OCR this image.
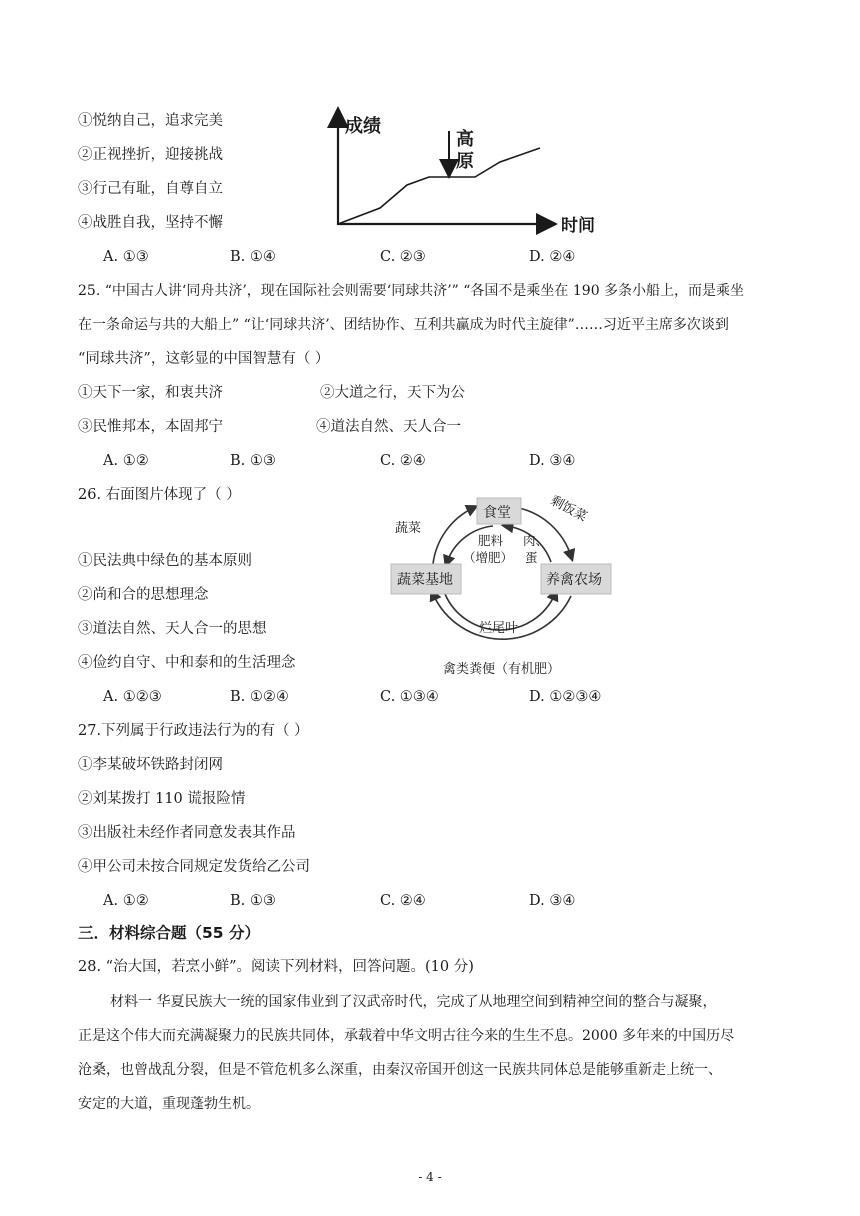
①悦纳自己，追求完美
②正视挫折，迎接挑战
③行己有耻，自尊自立
④战胜自我，坚持不懈
成绩
时间
高
原
A. ①③	B. ①④	C. ②③	D. ②④
25. “中国古人讲‘同舟共济’，现在国际社会则需要‘同球共济’” “各国不是乘坐在 190 多条小船上，而是乘坐
在一条命运与共的大船上” “让‘同球共济’、团结协作、互利共赢成为时代主旋律”……习近平主席多次谈到
“同球共济”，这彰显的中国智慧有（ ）
①天下一家，和衷共济	②大道之行，天下为公
③民惟邦本，本固邦宁	④道法自然、天人合一
A. ①②	B. ①③	C. ②④	D. ③④
26. 右面图片体现了（ ）
①民法典中绿色的基本原则
②尚和合的思想理念
③道法自然、天人合一的思想
④俭约自守、中和泰和的生活理念
食堂
蔬菜基地	养禽农场
蔬菜
剩饭菜
肥料
（增肥）
肉、
蛋
烂尾叶
禽类粪便（有机肥）
A. ①②③	B. ①②④	C. ①③④	D. ①②③④
27.下列属于行政违法行为的有（ ）
①李某破坏铁路封闭网
②刘某拨打 110 谎报险情
③出版社未经作者同意发表其作品
④甲公司未按合同规定发货给乙公司
A. ①②	B. ①③	C. ②④	D. ③④
三．材料综合题（55 分）
28. “治大国，若烹小鲜”。阅读下列材料，回答问题。(10 分)
材料一 华夏民族大一统的国家伟业到了汉武帝时代，完成了从地理空间到精神空间的整合与凝聚，
正是这个伟大而充满凝聚力的民族共同体，承载着中华文明古往今来的生生不息。2000 多年来的中国历尽
沧桑，也曾战乱分裂，但是不管危机多么深重，由秦汉帝国开创这一民族共同体总是能够重新走上统一、
安定的大道，重现蓬勃生机。
- 4 -
